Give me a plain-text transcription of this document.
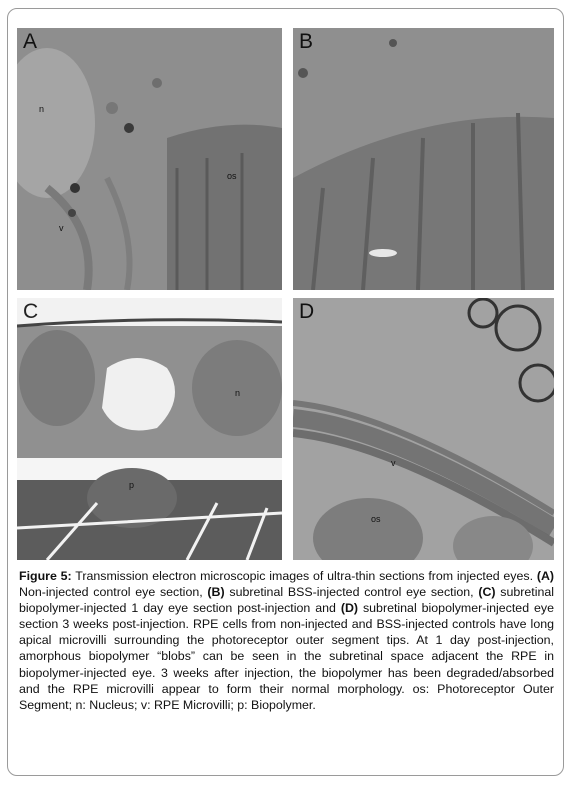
A
n
os
v
B
C
n
p
D
v
os
Figure 5: Transmission electron microscopic images of ultra-thin sections from injected eyes. (A) Non-injected control eye section, (B) subretinal BSS-injected control eye section, (C) subretinal biopolymer-injected 1 day eye section post-injection and (D) subretinal biopolymer-injected eye section 3 weeks post-injection. RPE cells from non-injected and BSS-injected controls have long apical microvilli surrounding the photoreceptor outer segment tips. At 1 day post-injection, amorphous biopolymer “blobs” can be seen in the subretinal space adjacent the RPE in biopolymer-injected eye. 3 weeks after injection, the biopolymer has been degraded/absorbed and the RPE microvilli appear to form their normal morphology. os: Photoreceptor Outer Segment; n: Nucleus; v: RPE Microvilli; p: Biopolymer.
